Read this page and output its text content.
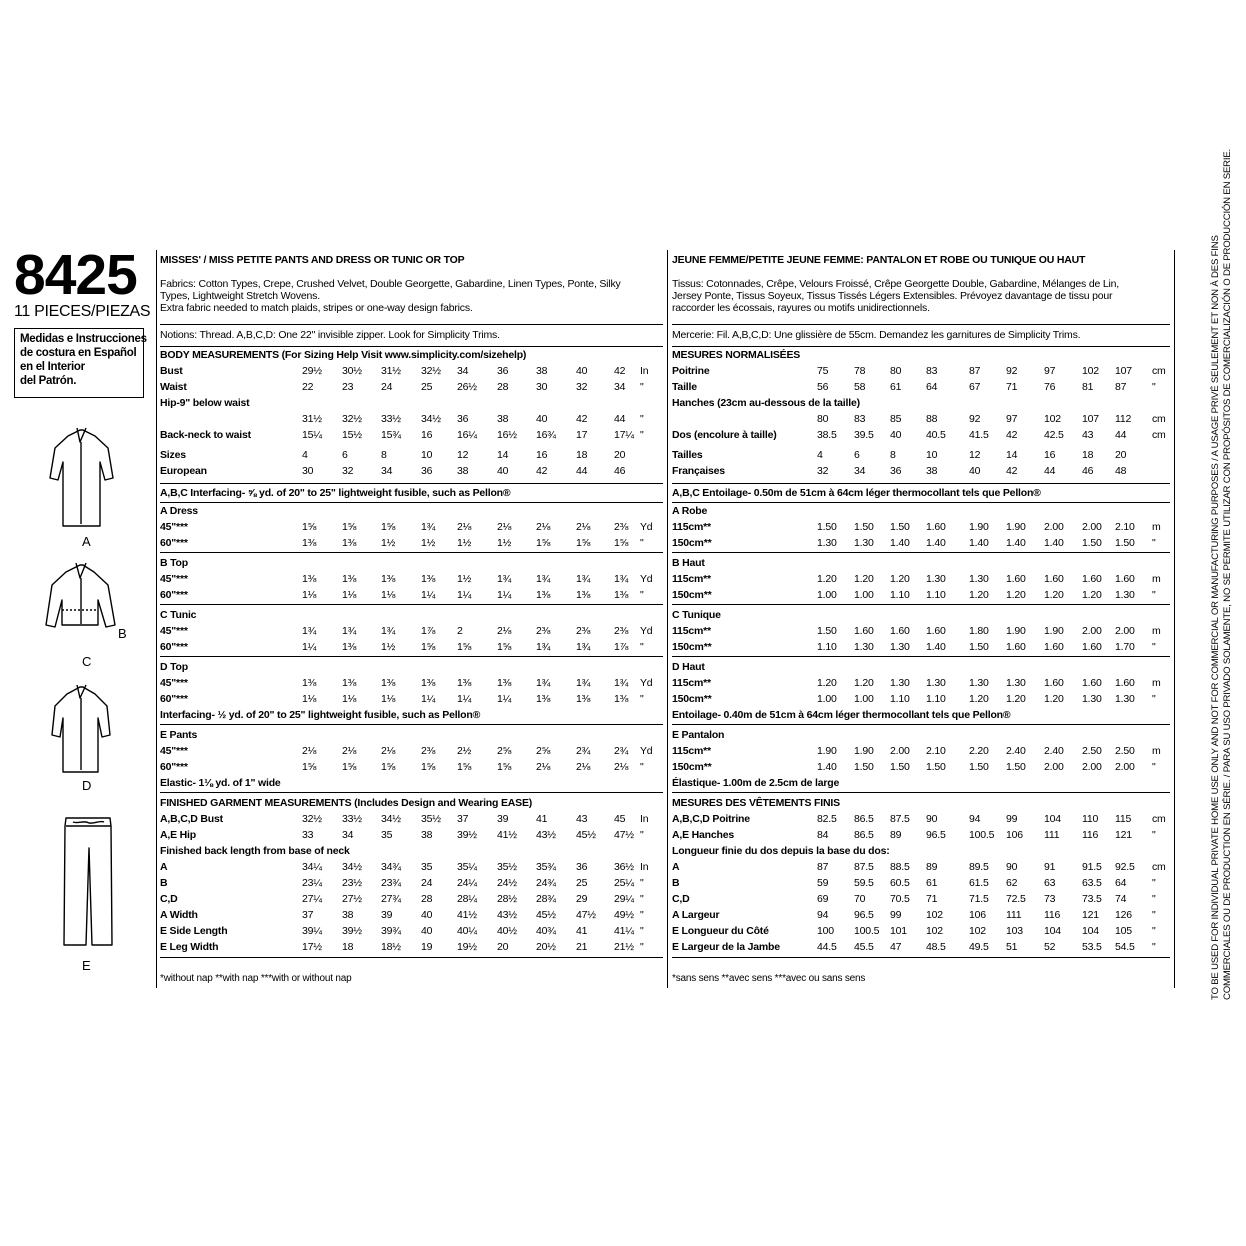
8425
11 PIECES/PIEZAS
Medidas e Instrucciones
de costura en Español
en el Interior
del Patrón.
A
B
C
D
E
MISSES' / MISS PETITE PANTS AND DRESS OR TUNIC OR TOP
Fabrics: Cotton Types, Crepe, Crushed Velvet, Double Georgette, Gabardine, Linen Types, Ponte, Silky
Types, Lightweight Stretch Wovens.
Extra fabric needed to match plaids, stripes or one-way design fabrics.
Notions: Thread. A,B,C,D: One 22" invisible zipper. Look for Simplicity Trims.
BODY MEASUREMENTS (For Sizing Help Visit www.simplicity.com/sizehelp)
Bust	29½ 30½ 31½ 32½ 34	36	38	40	42 In
Waist	22	23	24	25 26½ 28	30	32	34 "
Hip-9" below waist
31½ 32½ 33½ 34½ 36	38	40	42	44 "
Back-neck to waist	15¼ 15½ 15¾ 16 16¼ 16½ 16¾ 17	17¼ "
Sizes	4	6	8	10 12	14	16	18	20
European	30	32	34	36 38	40	42	44	46
A,B,C Interfacing- ⅝ yd. of 20" to 25" lightweight fusible, such as Pellon®
A Dress
45"***	1⅝ 1⅝ 1⅝ 1¾ 2⅛ 2⅛ 2⅛ 2⅛ 2⅜ Yd
60"***	1⅜ 1⅜ 1½ 1½ 1½ 1½ 1⅝ 1⅝ 1⅝ "
B Top
45"***	1⅜ 1⅜ 1⅜ 1⅜ 1½ 1¾ 1¾ 1¾ 1¾ Yd
60"***	1⅛ 1⅛ 1⅛ 1¼ 1¼ 1¼ 1⅜ 1⅜ 1⅜ "
C Tunic
45"***	1¾ 1¾ 1¾ 1⅞ 2	2⅛ 2⅜ 2⅜ 2⅜ Yd
60"***	1¼ 1⅜ 1½ 1⅝ 1⅝ 1⅝ 1¾ 1¾ 1⅞ "
D Top
45"***	1⅜ 1⅜ 1⅜ 1⅜ 1⅜ 1⅜ 1¾ 1¾ 1¾ Yd
60"***	1⅛ 1⅛ 1⅛ 1¼ 1¼ 1¼ 1⅜ 1⅜ 1⅜ "
Interfacing- ½ yd. of 20" to 25" lightweight fusible, such as Pellon®
E Pants
45"***	2⅛ 2⅛ 2⅛ 2⅜ 2½ 2⅝ 2⅝ 2¾ 2¾ Yd
60"***	1⅝ 1⅝ 1⅝ 1⅝ 1⅝ 1⅝ 2⅛ 2⅛ 2⅛ "
Elastic- 1⅛ yd. of 1" wide
FINISHED GARMENT MEASUREMENTS (Includes Design and Wearing EASE)
A,B,C,D Bust	32½ 33½ 34½ 35½ 37	39	41	43	45 In
A,E Hip	33	34	35	38 39½ 41½ 43½ 45½ 47½ "
Finished back length from base of neck
A	34¼ 34½ 34¾ 35 35¼ 35½ 35¾ 36	36½ In
B	23¼ 23½ 23¾ 24 24¼ 24½ 24¾ 25	25¼ "
C,D	27¼ 27½ 27¾ 28 28¼ 28½ 28¾ 29	29¼ "
A Width	37	38	39	40 41½ 43½ 45½ 47½ 49½ "
E Side Length	39¼ 39½ 39¾ 40 40¼ 40½ 40¾ 41	41¼ "
E Leg Width	17½ 18	18½ 19 19½ 20	20½ 21	21½ "
*without nap **with nap ***with or without nap
JEUNE FEMME/PETITE JEUNE FEMME: PANTALON ET ROBE OU TUNIQUE OU HAUT
Tissus: Cotonnades, Crêpe, Velours Froissé, Crêpe Georgette Double, Gabardine, Mélanges de Lin,
Jersey Ponte, Tissus Soyeux, Tissus Tissés Légers Extensibles. Prévoyez davantage de tissu pour
raccorder les écossais, rayures ou motifs unidirectionnels.
Mercerie: Fil. A,B,C,D: Une glissière de 55cm. Demandez les garnitures de Simplicity Trims.
MESURES NORMALISÉES
Poitrine	75 78 80 83	87 92	97	102 107 cm
Taille	56 58 61 64	67 71	76	81 87 "
Hanches (23cm au-dessous de la taille)
80 83 85 88	92 97	102 107 112 cm
Dos (encolure à taille)	38.5 39.5 40 40.5 41.5 42	42.5 43 44 cm
Tailles	4	6	8	10	12 14	16	18 20
Françaises	32 34 36 38	40 42	44	46 48
A,B,C Entoilage- 0.50m de 51cm à 64cm léger thermocollant tels que Pellon®
A Robe
115cm**	1.50 1.50 1.50 1.60 1.90 1.90 2.00 2.00 2.10 m
150cm**	1.30 1.30 1.40 1.40 1.40 1.40 1.40 1.50 1.50 "
B Haut
115cm**	1.20 1.20 1.20 1.30 1.30 1.60 1.60 1.60 1.60 m
150cm**	1.00 1.00 1.10 1.10 1.20 1.20 1.20 1.20 1.30 "
C Tunique
115cm**	1.50 1.60 1.60 1.60 1.80 1.90 1.90 2.00 2.00 m
150cm**	1.10 1.30 1.30 1.40 1.50 1.60 1.60 1.60 1.70 "
D Haut
115cm**	1.20 1.20 1.30 1.30 1.30 1.30 1.60 1.60 1.60 m
150cm**	1.00 1.00 1.10 1.10 1.20 1.20 1.20 1.30 1.30 "
Entoilage- 0.40m de 51cm à 64cm léger thermocollant tels que Pellon®
E Pantalon
115cm**	1.90 1.90 2.00 2.10 2.20 2.40 2.40 2.50 2.50 m
150cm**	1.40 1.50 1.50 1.50 1.50 1.50 2.00 2.00 2.00 "
Élastique- 1.00m de 2.5cm de large
MESURES DES VÊTEMENTS FINIS
A,B,C,D Poitrine	82.5 86.5 87.5 90	94 99	104 110 115 cm
A,E Hanches	84 86.5 89 96.5 100.5 106 111 116 121 "
Longueur finie du dos depuis la base du dos:
A	87 87.5 88.5 89	89.5 90	91	91.5 92.5 cm
B	59 59.5 60.5 61	61.5 62	63	63.5 64 "
C,D	69 70 70.5 71	71.5 72.5 73	73.5 74 "
A Largeur	94 96.5 99 102 106 111 116 121 126 "
E Longueur du Côté	100 100.5 101 102 102 103 104 104 105 "
E Largeur de la Jambe	44.5 45.5 47 48.5 49.5 51	52	53.5 54.5 "
*sans sens **avec sens ***avec ou sans sens	TO BE USED FOR INDIVIDUAL PRIVATE HOME USE ONLY AND NOT FOR COMMERCIAL OR MANUFACTURING PURPOSES / A USAGE PRIVÉ SEULEMENT ET NON À DES FINS COMMERCIALES OU DE PRODUCTION EN SÉRIE. / PARA SU USO PRIVADO SOLAMENTE, NO SE PERMITE UTILIZAR CON PROPÓSITOS DE COMERCIALIZACIÓN O DE PRODUCCIÓN EN SERIE.
